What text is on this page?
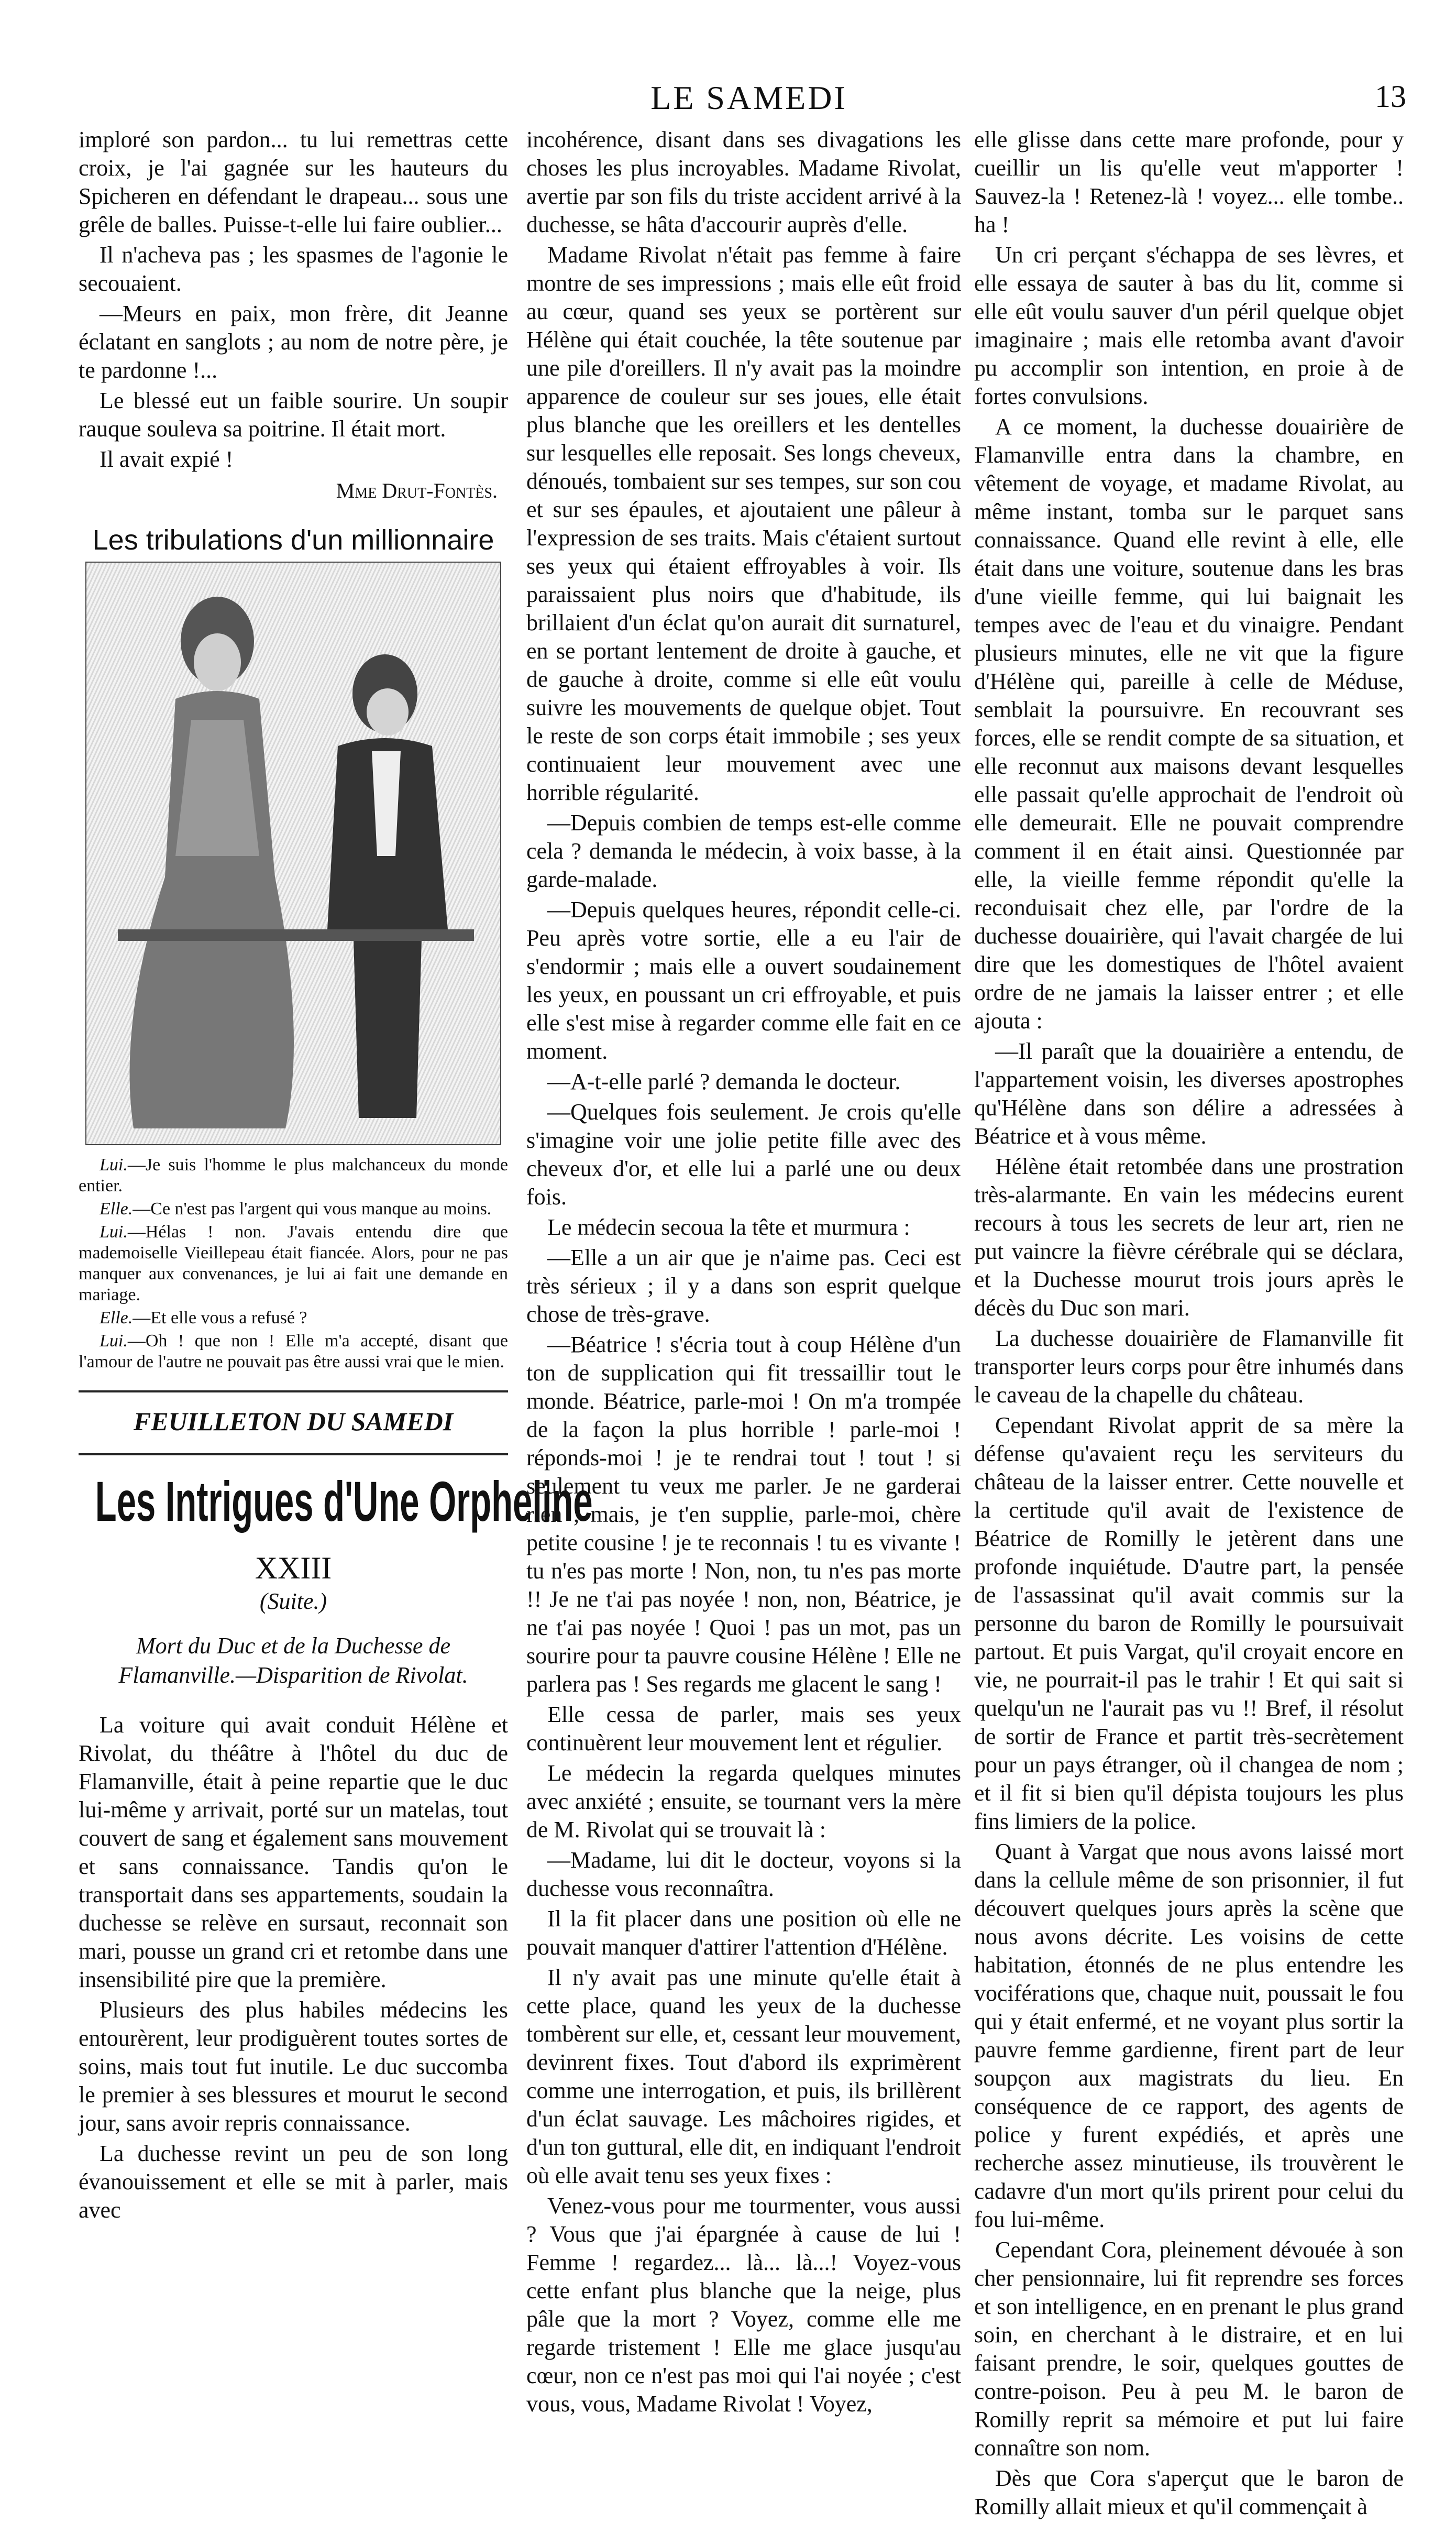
LE SAMEDI	13

imploré son pardon... tu lui remettras cette croix, je l'ai gagnée sur les hauteurs du Spicheren en défendant le drapeau... sous une grêle de balles. Puisse-t-elle lui faire oublier...

Il n'acheva pas ; les spasmes de l'agonie le secouaient.

—Meurs en paix, mon frère, dit Jeanne éclatant en sanglots ; au nom de notre père, je te pardonne !...

Le blessé eut un faible sourire. Un soupir rauque souleva sa poitrine. Il était mort.

Il avait expié !

Mme Drut-Fontès.
Les tribulations d'un millionnaire

Lui.—Je suis l'homme le plus malchanceux du monde entier.

Elle.—Ce n'est pas l'argent qui vous manque au moins.

Lui.—Hélas ! non. J'avais entendu dire que mademoiselle Vieillepeau était fiancée. Alors, pour ne pas manquer aux convenances, je lui ai fait une demande en mariage.

Elle.—Et elle vous a refusé ?

Lui.—Oh ! que non ! Elle m'a accepté, disant que l'amour de l'autre ne pouvait pas être aussi vrai que le mien.

FEUILLETON DU SAMEDI
Les Intrigues d'Une Orpheline
XXIII
(Suite.)
Mort du Duc et de la Duchesse de Flamanville.—Disparition de Rivolat.

La voiture qui avait conduit Hélène et Rivolat, du théâtre à l'hôtel du duc de Flamanville, était à peine repartie que le duc lui-même y arrivait, porté sur un matelas, tout couvert de sang et également sans mouvement et sans connaissance. Tandis qu'on le transportait dans ses appartements, soudain la duchesse se relève en sursaut, reconnait son mari, pousse un grand cri et retombe dans une insensibilité pire que la première.

Plusieurs des plus habiles médecins les entourèrent, leur prodiguèrent toutes sortes de soins, mais tout fut inutile. Le duc succomba le premier à ses blessures et mourut le second jour, sans avoir repris connaissance.

La duchesse revint un peu de son long évanouissement et elle se mit à parler, mais avec

incohérence, disant dans ses divagations les choses les plus incroyables. Madame Rivolat, avertie par son fils du triste accident arrivé à la duchesse, se hâta d'accourir auprès d'elle.

Madame Rivolat n'était pas femme à faire montre de ses impressions ; mais elle eût froid au cœur, quand ses yeux se portèrent sur Hélène qui était couchée, la tête soutenue par une pile d'oreillers. Il n'y avait pas la moindre apparence de couleur sur ses joues, elle était plus blanche que les oreillers et les dentelles sur lesquelles elle reposait. Ses longs cheveux, dénoués, tombaient sur ses tempes, sur son cou et sur ses épaules, et ajoutaient une pâleur à l'expression de ses traits. Mais c'étaient surtout ses yeux qui étaient effroyables à voir. Ils paraissaient plus noirs que d'habitude, ils brillaient d'un éclat qu'on aurait dit surnaturel, en se portant lentement de droite à gauche, et de gauche à droite, comme si elle eût voulu suivre les mouvements de quelque objet. Tout le reste de son corps était immobile ; ses yeux continuaient leur mouvement avec une horrible régularité.

—Depuis combien de temps est-elle comme cela ? demanda le médecin, à voix basse, à la garde-malade.

—Depuis quelques heures, répondit celle-ci. Peu après votre sortie, elle a eu l'air de s'endormir ; mais elle a ouvert soudainement les yeux, en poussant un cri effroyable, et puis elle s'est mise à regarder comme elle fait en ce moment.

—A-t-elle parlé ? demanda le docteur.

—Quelques fois seulement. Je crois qu'elle s'imagine voir une jolie petite fille avec des cheveux d'or, et elle lui a parlé une ou deux fois.

Le médecin secoua la tête et murmura :

—Elle a un air que je n'aime pas. Ceci est très sérieux ; il y a dans son esprit quelque chose de très-grave.

—Béatrice ! s'écria tout à coup Hélène d'un ton de supplication qui fit tressaillir tout le monde. Béatrice, parle-moi ! On m'a trompée de la façon la plus horrible ! parle-moi ! réponds-moi ! je te rendrai tout ! tout ! si seulement tu veux me parler. Je ne garderai rien ; mais, je t'en supplie, parle-moi, chère petite cousine ! je te reconnais ! tu es vivante ! tu n'es pas morte ! Non, non, tu n'es pas morte !! Je ne t'ai pas noyée ! non, non, Béatrice, je ne t'ai pas noyée ! Quoi ! pas un mot, pas un sourire pour ta pauvre cousine Hélène ! Elle ne parlera pas ! Ses regards me glacent le sang !

Elle cessa de parler, mais ses yeux continuèrent leur mouvement lent et régulier.

Le médecin la regarda quelques minutes avec anxiété ; ensuite, se tournant vers la mère de M. Rivolat qui se trouvait là :

—Madame, lui dit le docteur, voyons si la duchesse vous reconnaîtra.

Il la fit placer dans une position où elle ne pouvait manquer d'attirer l'attention d'Hélène.

Il n'y avait pas une minute qu'elle était à cette place, quand les yeux de la duchesse tombèrent sur elle, et, cessant leur mouvement, devinrent fixes. Tout d'abord ils exprimèrent comme une interrogation, et puis, ils brillèrent d'un éclat sauvage. Les mâchoires rigides, et d'un ton guttural, elle dit, en indiquant l'endroit où elle avait tenu ses yeux fixes :

Venez-vous pour me tourmenter, vous aussi ? Vous que j'ai épargnée à cause de lui ! Femme ! regardez... là... là...! Voyez-vous cette enfant plus blanche que la neige, plus pâle que la mort ? Voyez, comme elle me regarde tristement ! Elle me glace jusqu'au cœur, non ce n'est pas moi qui l'ai noyée ; c'est vous, vous, Madame Rivolat ! Voyez,

elle glisse dans cette mare profonde, pour y cueillir un lis qu'elle veut m'apporter ! Sauvez-la ! Retenez-là ! voyez... elle tombe.. ha !

Un cri perçant s'échappa de ses lèvres, et elle essaya de sauter à bas du lit, comme si elle eût voulu sauver d'un péril quelque objet imaginaire ; mais elle retomba avant d'avoir pu accomplir son intention, en proie à de fortes convulsions.

A ce moment, la duchesse douairière de Flamanville entra dans la chambre, en vêtement de voyage, et madame Rivolat, au même instant, tomba sur le parquet sans connaissance. Quand elle revint à elle, elle était dans une voiture, soutenue dans les bras d'une vieille femme, qui lui baignait les tempes avec de l'eau et du vinaigre. Pendant plusieurs minutes, elle ne vit que la figure d'Hélène qui, pareille à celle de Méduse, semblait la poursuivre. En recouvrant ses forces, elle se rendit compte de sa situation, et elle reconnut aux maisons devant lesquelles elle passait qu'elle approchait de l'endroit où elle demeurait. Elle ne pouvait comprendre comment il en était ainsi. Questionnée par elle, la vieille femme répondit qu'elle la reconduisait chez elle, par l'ordre de la duchesse douairière, qui l'avait chargée de lui dire que les domestiques de l'hôtel avaient ordre de ne jamais la laisser entrer ; et elle ajouta :

—Il paraît que la douairière a entendu, de l'appartement voisin, les diverses apostrophes qu'Hélène dans son délire a adressées à Béatrice et à vous même.

Hélène était retombée dans une prostration très-alarmante. En vain les médecins eurent recours à tous les secrets de leur art, rien ne put vaincre la fièvre cérébrale qui se déclara, et la Duchesse mourut trois jours après le décès du Duc son mari.

La duchesse douairière de Flamanville fit transporter leurs corps pour être inhumés dans le caveau de la chapelle du château.

Cependant Rivolat apprit de sa mère la défense qu'avaient reçu les serviteurs du château de la laisser entrer. Cette nouvelle et la certitude qu'il avait de l'existence de Béatrice de Romilly le jetèrent dans une profonde inquiétude. D'autre part, la pensée de l'assassinat qu'il avait commis sur la personne du baron de Romilly le poursuivait partout. Et puis Vargat, qu'il croyait encore en vie, ne pourrait-il pas le trahir ! Et qui sait si quelqu'un ne l'aurait pas vu !! Bref, il résolut de sortir de France et partit très-secrètement pour un pays étranger, où il changea de nom ; et il fit si bien qu'il dépista toujours les plus fins limiers de la police.

Quant à Vargat que nous avons laissé mort dans la cellule même de son prisonnier, il fut découvert quelques jours après la scène que nous avons décrite. Les voisins de cette habitation, étonnés de ne plus entendre les vociférations que, chaque nuit, poussait le fou qui y était enfermé, et ne voyant plus sortir la pauvre femme gardienne, firent part de leur soupçon aux magistrats du lieu. En conséquence de ce rapport, des agents de police y furent expédiés, et après une recherche assez minutieuse, ils trouvèrent le cadavre d'un mort qu'ils prirent pour celui du fou lui-même.

Cependant Cora, pleinement dévouée à son cher pensionnaire, lui fit reprendre ses forces et son intelligence, en en prenant le plus grand soin, en cherchant à le distraire, et en lui faisant prendre, le soir, quelques gouttes de contre-poison. Peu à peu M. le baron de Romilly reprit sa mémoire et put lui faire connaître son nom.

Dès que Cora s'aperçut que le baron de Romilly allait mieux et qu'il commençait à
